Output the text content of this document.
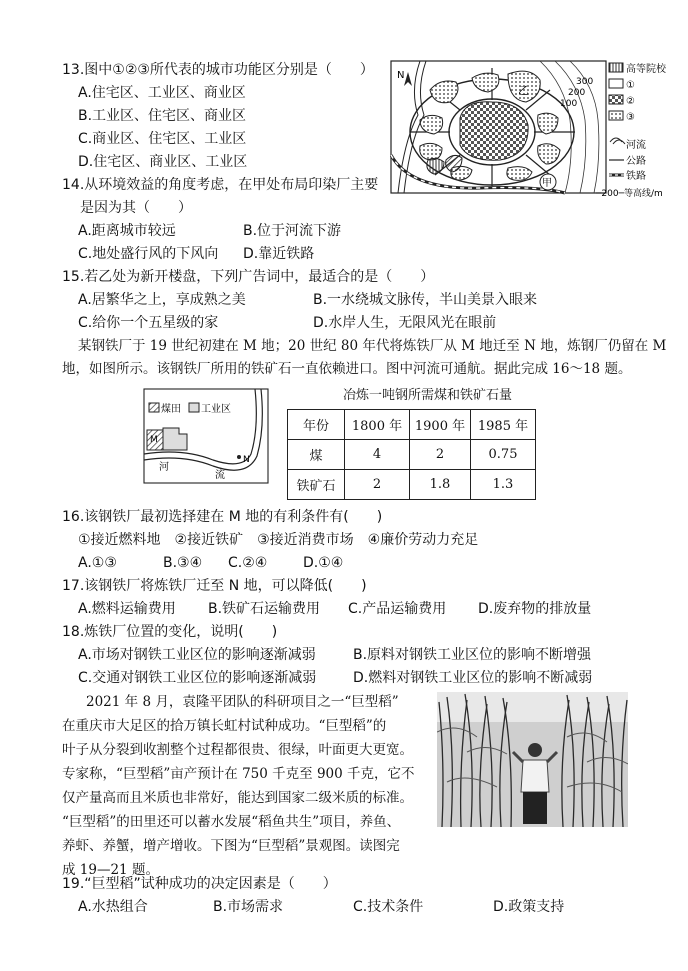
13.图中①②③所代表的城市功能区分别是（　　）
A.住宅区、工业区、商业区
B.工业区、住宅区、商业区
C.商业区、住宅区、工业区
D.住宅区、商业区、工业区
N
300
200
100
乙
甲
高等院校
①
②
③
河流
公路
铁路
─200─等高线/m
14.从环境效益的角度考虑，在甲处布局印染厂主要
是因为其（　　）
A.距离城市较远	B.位于河流下游
C.地处盛行风的下风向 D.靠近铁路
15.若乙处为新开楼盘，下列广告词中，最适合的是（　　）
A.居繁华之上，享成熟之美	B.一水绕城文脉传，半山美景入眼来
C.给你一个五星级的家	D.水岸人生，无限风光在眼前
某钢铁厂于 19 世纪初建在 M 地；20 世纪 80 年代将炼铁厂从 M 地迁至 N 地，炼钢厂仍留在 M
地，如图所示。该钢铁厂所用的铁矿石一直依赖进口。图中河流可通航。据此完成 16～18 题。
煤田 工业区
M
河
流
N
冶炼一吨钢所需煤和铁矿石量
年份	1800 年	1900 年	1985 年
煤	4	2	0.75
铁矿石	2	1.8	1.3
16.该钢铁厂最初选择建在 M 地的有利条件有(　　)
①接近燃料地　②接近铁矿　③接近消费市场　④廉价劳动力充足
A.①③	B.③④ C.②④	D.①④
17.该钢铁厂将炼铁厂迁至 N 地，可以降低(　　)
A.燃料运输费用 B.铁矿石运输费用 C.产品运输费用 D.废弃物的排放量
18.炼铁厂位置的变化，说明(　　)
A.市场对钢铁工业区位的影响逐渐减弱	B.原料对钢铁工业区位的影响不断增强
C.交通对钢铁工业区位的影响逐渐减弱	D.燃料对钢铁工业区位的影响不断减弱
2021 年 8 月，袁隆平团队的科研项目之一“巨型稻”
在重庆市大足区的拾万镇长虹村试种成功。“巨型稻”的
叶子从分裂到收割整个过程都很贵、很绿，叶面更大更宽。
专家称，“巨型稻”亩产预计在 750 千克至 900 千克，它不
仅产量高而且米质也非常好，能达到国家二级米质的标准。
“巨型稻”的田里还可以蓄水发展“稻鱼共生”项目，养鱼、
养虾、养蟹，增产增收。下图为“巨型稻”景观图。读图完
成 19—21 题。
19.“巨型稻”试种成功的决定因素是（　　）
A.水热组合	B.市场需求	C.技术条件	D.政策支持
